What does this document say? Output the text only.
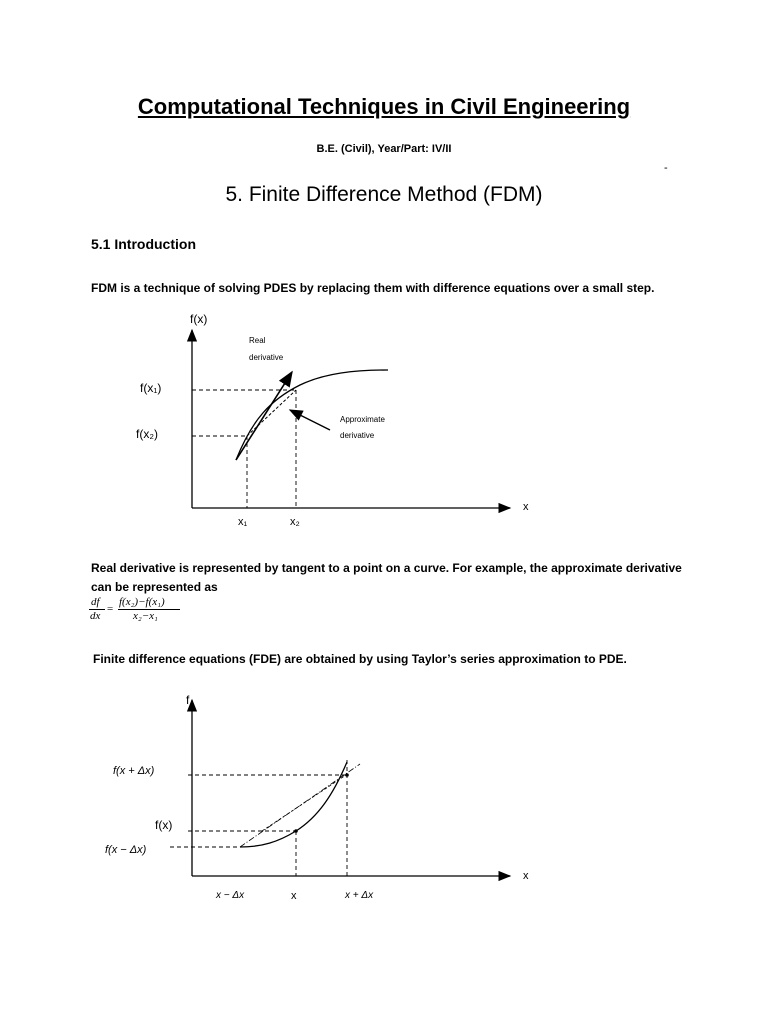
Computational Techniques in Civil Engineering
B.E. (Civil), Year/Part: IV/II
-
5. Finite Difference Method (FDM)
5.1 Introduction
FDM is a technique of solving PDES by replacing them with difference equations over a small step.
f(x)
Real
derivative
f(x₁)
f(x₂)
Approximate
derivative
x
x₁	x₂
Real derivative is represented by tangent to a point on a curve. For example, the approximate derivative
can be represented as
df
dx
=
f(x₂)−f(x₁)
x₂−x₁
Finite difference equations (FDE) are obtained by using Taylor’s series approximation to PDE.
f
f(x + Δx)
f(x)
f(x − Δx)
x
x − Δx	x	x + Δx
